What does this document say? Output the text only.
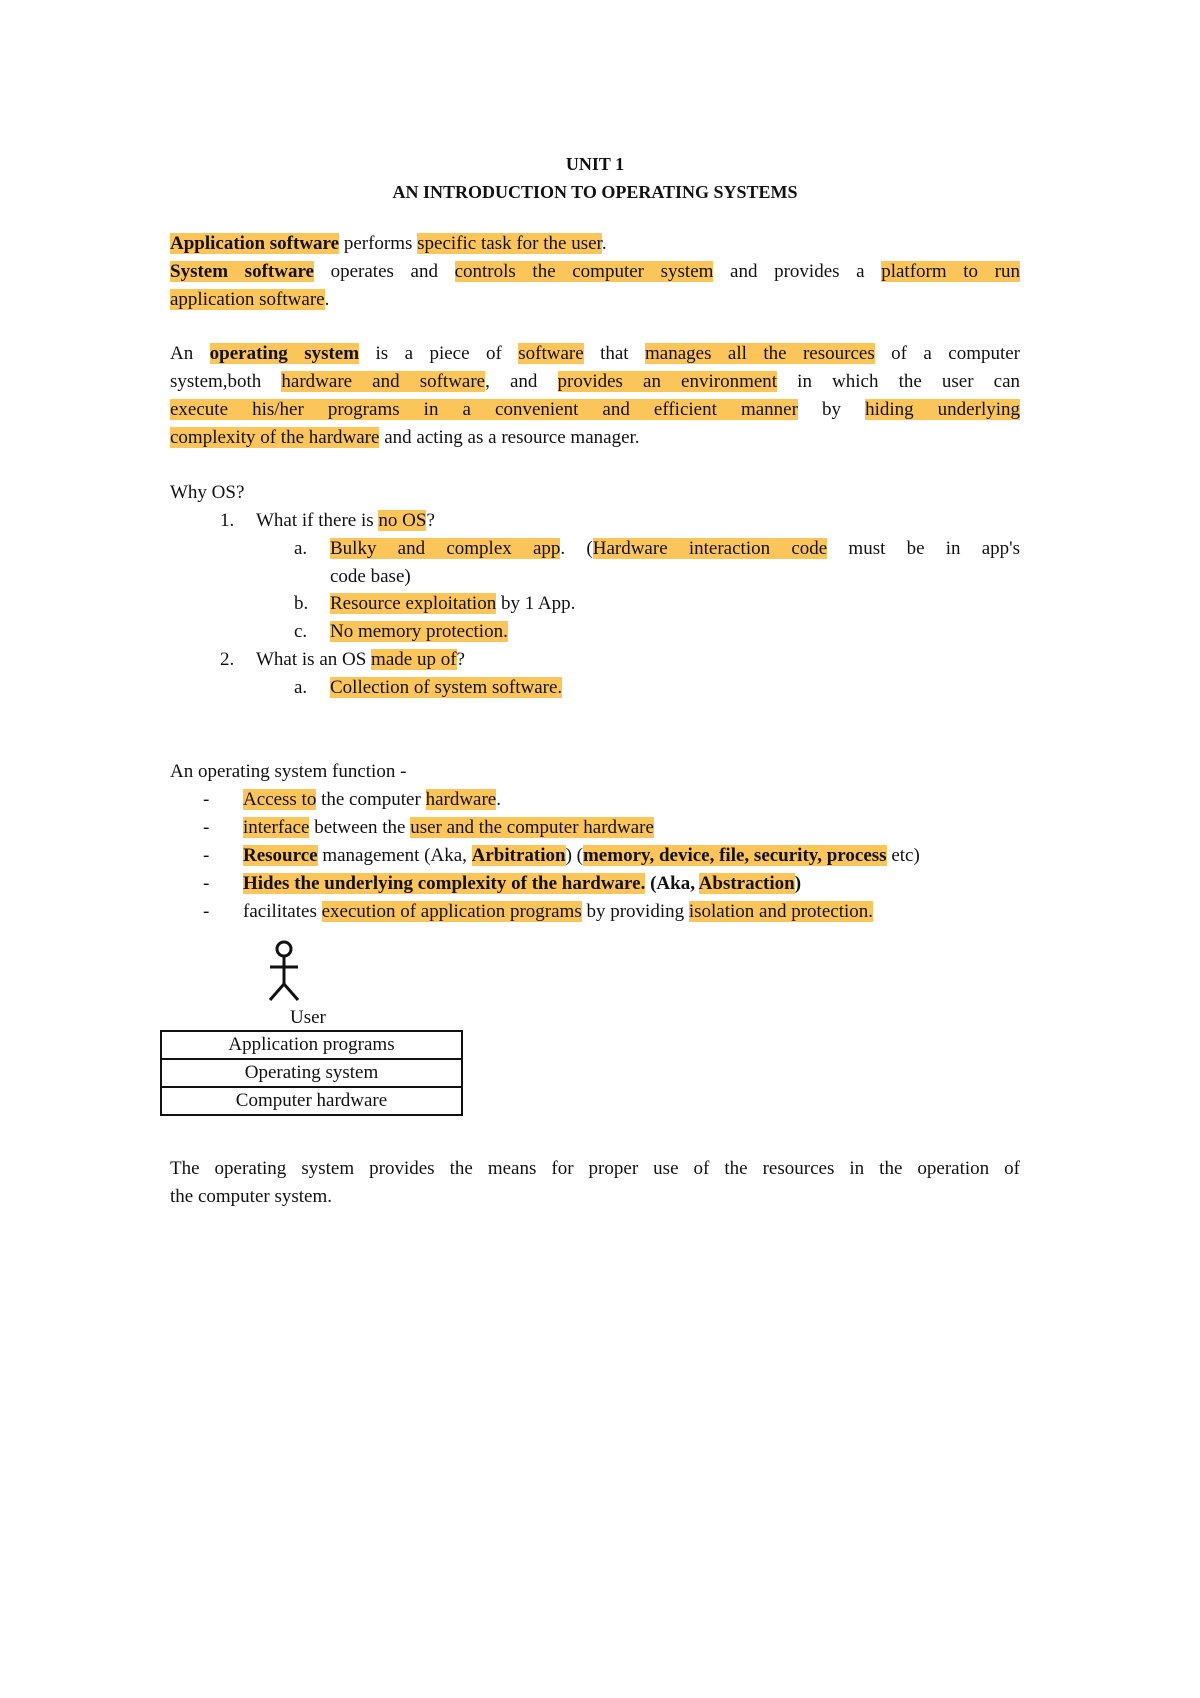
UNIT 1
AN INTRODUCTION TO OPERATING SYSTEMS
Application software performs specific task for the user.
System software operates and controls the computer system and provides a platform to run
application software.
An operating system is a piece of software that manages all the resources of a computer
system,both hardware and software, and provides an environment in which the user can
execute his/her programs in a convenient and efficient manner by hiding underlying
complexity of the hardware and acting as a resource manager.
Why OS?
1. What if there is no OS?
a. Bulky and complex app. (Hardware interaction code must be in app's
code base)
b. Resource exploitation by 1 App.
c. No memory protection.
2. What is an OS made up of?
a. Collection of system software.
An operating system function -
- Access to the computer hardware.
- interface between the user and the computer hardware
- Resource management (Aka, Arbitration) (memory, device, file, security, process etc)
- Hides the underlying complexity of the hardware. (Aka, Abstraction)
- facilitates execution of application programs by providing isolation and protection.
The operating system provides the means for proper use of the resources in the operation of
the computer system.
User
Application programs
Operating system
Computer hardware
